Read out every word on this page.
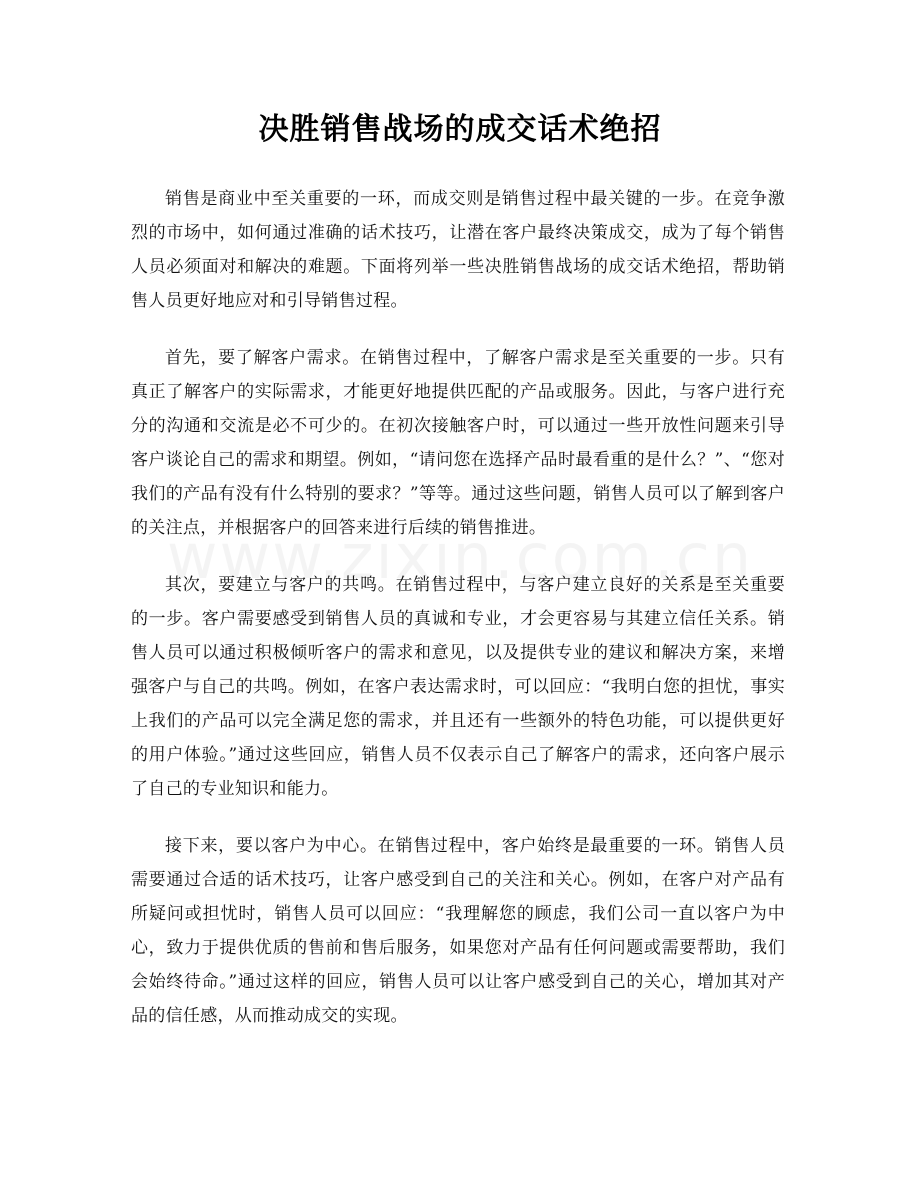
决胜销售战场的成交话术绝招

销售是商业中至关重要的一环，而成交则是销售过程中最关键的一步。在竞争激烈的市场中，如何通过准确的话术技巧，让潜在客户最终决策成交，成为了每个销售人员必须面对和解决的难题。下面将列举一些决胜销售战场的成交话术绝招，帮助销售人员更好地应对和引导销售过程。

首先，要了解客户需求。在销售过程中，了解客户需求是至关重要的一步。只有真正了解客户的实际需求，才能更好地提供匹配的产品或服务。因此，与客户进行充分的沟通和交流是必不可少的。在初次接触客户时，可以通过一些开放性问题来引导客户谈论自己的需求和期望。例如，“请问您在选择产品时最看重的是什么？”、“您对我们的产品有没有什么特别的要求？”等等。通过这些问题，销售人员可以了解到客户的关注点，并根据客户的回答来进行后续的销售推进。

其次，要建立与客户的共鸣。在销售过程中，与客户建立良好的关系是至关重要的一步。客户需要感受到销售人员的真诚和专业，才会更容易与其建立信任关系。销售人员可以通过积极倾听客户的需求和意见，以及提供专业的建议和解决方案，来增强客户与自己的共鸣。例如，在客户表达需求时，可以回应：“我明白您的担忧，事实上我们的产品可以完全满足您的需求，并且还有一些额外的特色功能，可以提供更好的用户体验。”通过这些回应，销售人员不仅表示自己了解客户的需求，还向客户展示了自己的专业知识和能力。

接下来，要以客户为中心。在销售过程中，客户始终是最重要的一环。销售人员需要通过合适的话术技巧，让客户感受到自己的关注和关心。例如，在客户对产品有所疑问或担忧时，销售人员可以回应：“我理解您的顾虑，我们公司一直以客户为中心，致力于提供优质的售前和售后服务，如果您对产品有任何问题或需要帮助，我们会始终待命。”通过这样的回应，销售人员可以让客户感受到自己的关心，增加其对产品的信任感，从而推动成交的实现。
